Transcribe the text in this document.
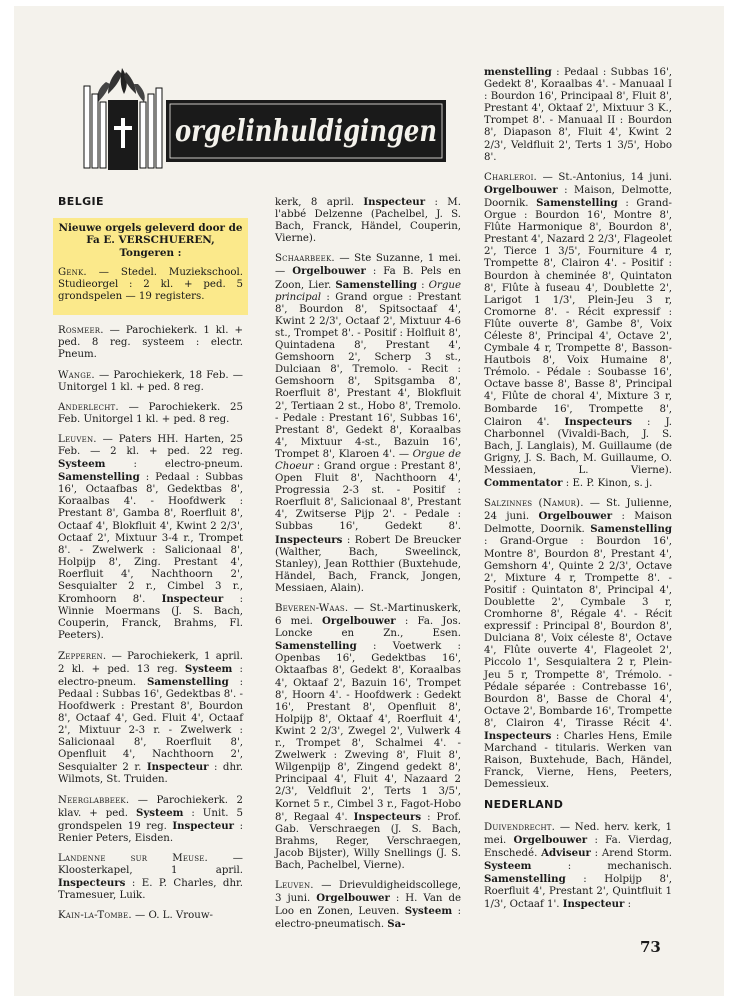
orgelinhuldigingen

BELGIE

Nieuwe orgels geleverd door de Fa E. VERSCHUEREN, Tongeren :

Genk. — Stedel. Muziekschool. Studieorgel : 2 kl. + ped. 5 grondspelen — 19 registers.

Rosmeer. — Parochiekerk. 1 kl. + ped. 8 reg. systeem : electr. Pneum.

Wange. — Parochiekerk, 18 Feb. — Unitorgel 1 kl. + ped. 8 reg.

Anderlecht. — Parochiekerk. 25 Feb. Unitorgel 1 kl. + ped. 8 reg.

Leuven. — Paters HH. Harten, 25 Feb. — 2 kl. + ped. 22 reg. Systeem : electro-pneum. Samenstelling : Pedaal : Subbas 16', Octaafbas 8', Gedektbas 8', Koraalbas 4'. - Hoofdwerk : Prestant 8', Gamba 8', Roerfluit 8', Octaaf 4', Blokfluit 4', Kwint 2 2/3', Octaaf 2', Mixtuur 3-4 r., Trompet 8'. - Zwelwerk : Salicionaal 8', Holpijp 8', Zing. Prestant 4', Roerfluit 4', Nachthoorn 2', Sesquialter 2 r., Cimbel 3 r., Kromhoorn 8'. Inspecteur : Winnie Moermans (J. S. Bach, Couperin, Franck, Brahms, Fl. Peeters).

Zepperen. — Parochiekerk, 1 april. 2 kl. + ped. 13 reg. Systeem : electro-pneum. Samenstelling : Pedaal : Subbas 16', Gedektbas 8'. - Hoofdwerk : Prestant 8', Bourdon 8', Octaaf 4', Ged. Fluit 4', Octaaf 2', Mixtuur 2-3 r. - Zwelwerk : Salicionaal 8', Roerfluit 8', Openfluit 4', Nachthoorn 2', Sesquialter 2 r. Inspecteur : dhr. Wilmots, St. Truiden.

Neerglabbeek. — Parochiekerk. 2 klav. + ped. Systeem : Unit. 5 grondspelen 19 reg. Inspecteur : Renier Peters, Eisden.

Landenne sur Meuse. — Kloosterkapel, 1 april. Inspecteurs : E. P. Charles, dhr. Tramesuer, Luik.

Kain-la-Tombe. — O. L. Vrouw-

kerk, 8 april. Inspecteur : M. l'abbé Delzenne (Pachelbel, J. S. Bach, Franck, Händel, Couperin, Vierne).

Schaarbeek. — Ste Suzanne, 1 mei. — Orgelbouwer : Fa B. Pels en Zoon, Lier. Samenstelling : Orgue principal : Grand orgue : Prestant 8', Bourdon 8', Spitsoctaaf 4', Kwint 2 2/3', Octaaf 2', Mixtuur 4-6 st., Trompet 8'. - Positif : Holfluit 8', Quintadena 8', Prestant 4', Gemshoorn 2', Scherp 3 st., Dulciaan 8', Tremolo. - Recit : Gemshoorn 8', Spitsgamba 8', Roerfluit 8', Prestant 4', Blokfluit 2', Tertiaan 2 st., Hobo 8', Tremolo. - Pedale : Prestant 16', Subbas 16', Prestant 8', Gedekt 8', Koraalbas 4', Mixtuur 4-st., Bazuin 16', Trompet 8', Klaroen 4'. — Orgue de Choeur : Grand orgue : Prestant 8', Open Fluit 8', Nachthoorn 4', Progressia 2-3 st. - Positif : Roerfluit 8', Salicionaal 8', Prestant 4', Zwitserse Pijp 2'. - Pedale : Subbas 16', Gedekt 8'. Inspecteurs : Robert De Breucker (Walther, Bach, Sweelinck, Stanley), Jean Rotthier (Buxtehude, Händel, Bach, Franck, Jongen, Messiaen, Alain).

Beveren-Waas. — St.-Martinuskerk, 6 mei. Orgelbouwer : Fa. Jos. Loncke en Zn., Esen. Samenstelling : Voetwerk : Openbas 16', Gedektbas 16', Oktaafbas 8', Gedekt 8', Koraalbas 4', Oktaaf 2', Bazuin 16', Trompet 8', Hoorn 4'. - Hoofdwerk : Gedekt 16', Prestant 8', Openfluit 8', Holpijp 8', Oktaaf 4', Roerfluit 4', Kwint 2 2/3', Zwegel 2', Vulwerk 4 r., Trompet 8', Schalmei 4'. - Zwelwerk : Zweving 8', Fluit 8', Wilgenpijp 8', Zingend gedekt 8', Principaal 4', Fluit 4', Nazaard 2 2/3', Veldfluit 2', Terts 1 3/5', Kornet 5 r., Cimbel 3 r., Fagot-Hobo 8', Regaal 4'. Inspecteurs : Prof. Gab. Verschraegen (J. S. Bach, Brahms, Reger, Verschraegen, Jacob Bijster), Willy Snellings (J. S. Bach, Pachelbel, Vierne).

Leuven. — Drievuldigheidscollege, 3 juni. Orgelbouwer : H. Van de Loo en Zonen, Leuven. Systeem : electro-pneumatisch. Sa-

menstelling : Pedaal : Subbas 16', Gedekt 8', Koraalbas 4'. - Manuaal I : Bourdon 16', Principaal 8', Fluit 8', Prestant 4', Oktaaf 2', Mixtuur 3 K., Trompet 8'. - Manuaal II : Bourdon 8', Diapason 8', Fluit 4', Kwint 2 2/3', Veldfluit 2', Terts 1 3/5', Hobo 8'.

Charleroi. — St.-Antonius, 14 juni. Orgelbouwer : Maison, Delmotte, Doornik. Samenstelling : Grand-Orgue : Bourdon 16', Montre 8', Flûte Harmonique 8', Bourdon 8', Prestant 4', Nazard 2 2/3', Flageolet 2', Tierce 1 3/5', Fourniture 4 r, Trompette 8', Clairon 4'. - Positif : Bourdon à cheminée 8', Quintaton 8', Flûte à fuseau 4', Doublette 2', Larigot 1 1/3', Plein-Jeu 3 r, Cromorne 8'. - Récit expressif : Flûte ouverte 8', Gambe 8', Voix Céleste 8', Principal 4', Octave 2', Cymbale 4 r, Trompette 8', Basson-Hautbois 8', Voix Humaine 8', Trémolo. - Pédale : Soubasse 16', Octave basse 8', Basse 8', Principal 4', Flûte de choral 4', Mixture 3 r, Bombarde 16', Trompette 8', Clairon 4'. Inspecteurs : J. Charbonnel (Vivaldi-Bach, J. S. Bach, J. Langlais), M. Guillaume (de Grigny, J. S. Bach, M. Guillaume, O. Messiaen, L. Vierne). Commentator : E. P. Kinon, s. j.

Salzinnes (Namur). — St. Julienne, 24 juni. Orgelbouwer : Maison Delmotte, Doornik. Samenstelling : Grand-Orgue : Bourdon 16', Montre 8', Bourdon 8', Prestant 4', Gemshorn 4', Quinte 2 2/3', Octave 2', Mixture 4 r, Trompette 8'. - Positif : Quintaton 8', Principal 4', Doublette 2', Cymbale 3 r, Cromhorne 8', Régale 4'. - Récit expressif : Principal 8', Bourdon 8', Dulciana 8', Voix céleste 8', Octave 4', Flûte ouverte 4', Flageolet 2', Piccolo 1', Sesquialtera 2 r, Plein-Jeu 5 r, Trompette 8', Trémolo. - Pédale séparée : Contrebasse 16', Bourdon 8', Basse de Choral 4', Octave 2', Bombarde 16', Trompette 8', Clairon 4', Tirasse Récit 4'. Inspecteurs : Charles Hens, Emile Marchand - titularis. Werken van Raison, Buxtehude, Bach, Händel, Franck, Vierne, Hens, Peeters, Demessieux.

NEDERLAND

Duivendrecht. — Ned. herv. kerk, 1 mei. Orgelbouwer : Fa. Vierdag, Enschedé. Adviseur : Arend Storm. Systeem : mechanisch. Samenstelling : Holpijp 8', Roerfluit 4', Prestant 2', Quintfluit 1 1/3', Octaaf 1'. Inspecteur :

73
